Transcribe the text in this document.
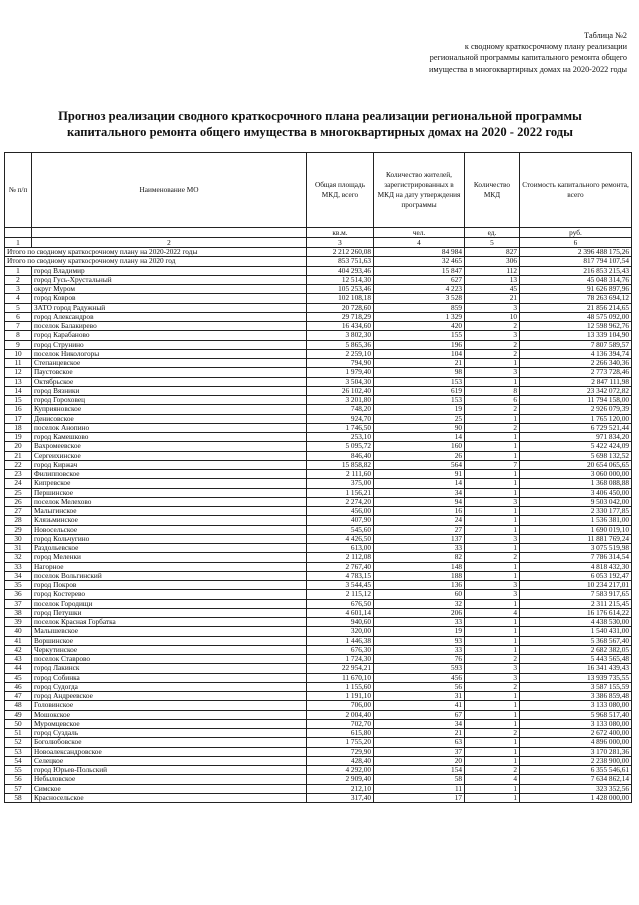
Таблица №2
к сводному краткосрочному плану реализации
региональной программы капитального ремонта общего
имущества в многоквартирных домах на 2020-2022 годы
Прогноз реализации сводного краткосрочного плана реализации региональной программы капитального ремонта общего имущества в многоквартирных домах на 2020 - 2022 годы
№ п/п	Наименование МО	Общая площадь МКД, всего	Количество жителей, зарегистрированных в МКД на дату утверждения программы	Количество МКД	Стоимость капитального ремонта, всего
		кв.м.	чел.	ед.	руб.
1	2	3	4	5	6
Итого по сводному краткосрочному плану на 2020-2022 годы		2 212 260,08	84 984	827	2 396 488 175,26
Итого по сводному краткосрочному плану на 2020 год		853 751,63	32 465	306	817 794 107,54
1	город Владимир	404 293,46	15 847	112	216 853 215,43
2	город Гусь-Хрустальный	12 514,30	627	13	45 048 314,76
3	округ Муром	105 253,46	4 223	45	91 626 897,96
4	город Ковров	102 108,18	3 528	21	78 263 694,12
5	ЗАТО город Радужный	20 728,60	859	3	21 856 214,65
6	город Александров	29 718,29	1 329	10	48 575 092,00
7	поселок Балакирево	16 434,60	420	2	12 598 962,76
8	город Карабаново	3 802,30	155	3	13 339 104,90
9	город Струнино	5 865,36	196	2	7 807 589,57
10	поселок Никологоры	2 259,10	104	2	4 136 394,74
11	Степанцевское	794,90	21	1	2 266 340,36
12	Паустовское	1 979,40	98	3	2 773 728,46
13	Октябрьское	3 504,30	153	1	2 847 111,98
14	город Вязники	26 102,40	619	8	23 342 072,82
15	город Гороховец	3 201,80	153	6	11 794 158,00
16	Куприяновское	748,20	19	2	2 926 079,39
17	Денисовское	924,70	25	1	1 765 120,00
18	поселок Анопино	1 746,50	90	2	6 729 521,44
19	город Камешково	253,10	14	1	971 834,20
20	Вахромеевское	5 095,72	160	1	5 422 424,09
21	Сергеихинское	846,40	26	1	5 698 132,52
22	город Киржач	15 858,82	564	7	20 654 065,65
23	Филипповское	2 111,60	91	1	3 060 000,00
24	Кипревское	375,00	14	1	1 368 088,88
25	Першинское	1 156,21	34	1	3 406 450,00
26	поселок Мелехово	2 274,20	94	3	9 503 042,00
27	Малыгинское	456,00	16	1	2 330 177,85
28	Клязьминское	407,90	24	1	1 536 381,00
29	Новосельское	545,60	27	1	1 690 019,10
30	город Кольчугино	4 426,50	137	3	11 881 769,24
31	Раздольевское	613,00	33	1	3 075 519,98
32	город Меленки	2 112,08	82	2	7 786 314,54
33	Нагорное	2 767,40	148	1	4 818 432,30
34	поселок Вольгинский	4 783,15	188	1	6 053 192,47
35	город Покров	3 544,45	136	3	10 234 217,01
36	город Костерево	2 115,12	60	3	7 583 917,65
37	поселок Городищи	676,50	32	1	2 311 215,45
38	город Петушки	4 601,14	206	4	16 176 614,22
39	поселок Красная Горбатка	940,60	33	1	4 438 530,00
40	Малышевское	320,00	19	1	1 540 431,00
41	Воршинское	1 446,38	93	1	5 368 567,40
42	Черкутинское	676,30	33	1	2 682 382,05
43	поселок Ставрово	1 724,30	76	2	5 443 565,48
44	город Лакинск	22 954,21	593	3	16 341 439,43
45	город Собинка	11 670,10	456	3	13 939 735,55
46	город Судогда	1 155,60	56	2	3 587 155,59
47	город Андреевское	1 191,10	31	1	3 386 859,48
48	Головинское	706,00	41	1	3 133 080,00
49	Мошокское	2 004,40	67	1	5 968 517,40
50	Муромцевское	702,70	34	1	3 133 080,00
51	город Суздаль	615,80	21	2	2 672 400,00
52	Боголюбовское	1 755,20	63	1	4 896 000,00
53	Новоалександровское	729,90	37	1	3 170 281,36
54	Селецкое	428,40	20	1	2 238 900,00
55	город Юрьев-Польский	4 292,00	154	2	6 355 546,61
56	Небыловское	2 909,40	58	4	7 634 862,14
57	Симское	212,10	11	1	323 352,56
58	Красносельское	317,40	17	1	1 428 000,00
